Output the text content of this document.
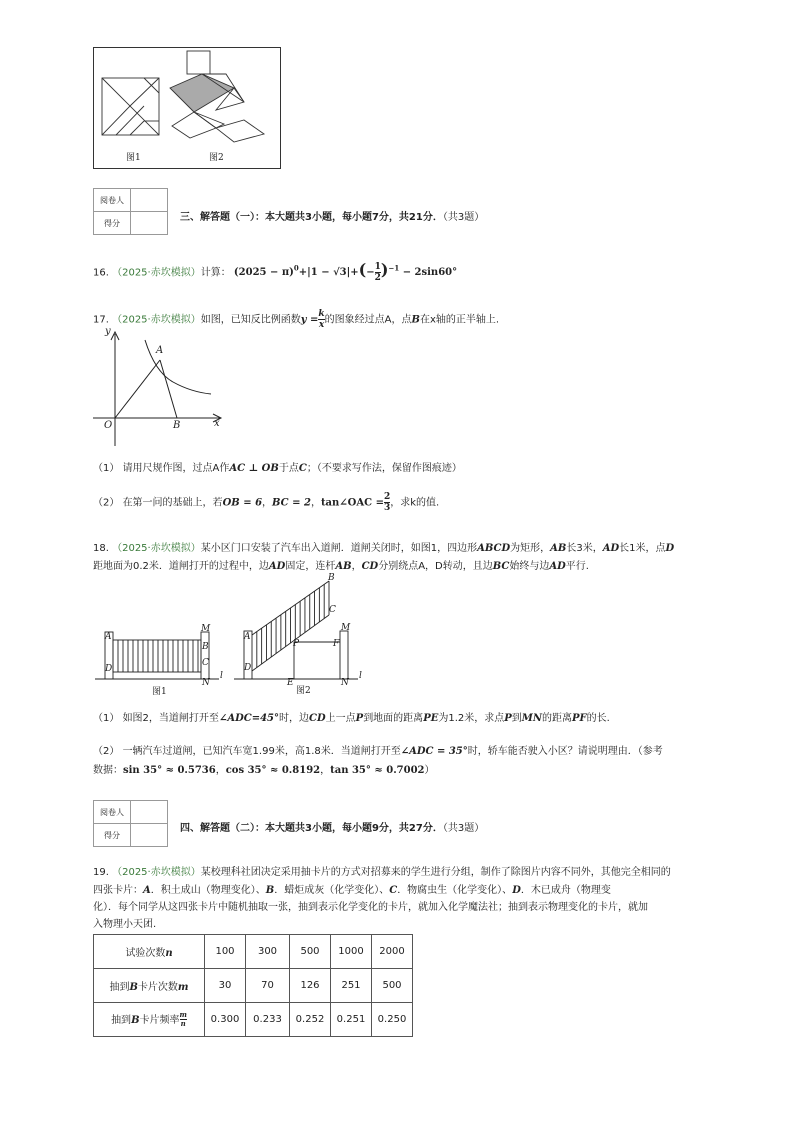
图1	图2
阅卷人	
得分		三、解答题（一）：本大题共3小题，每小题7分，共21分．（共3题）
16. （2025·赤坎模拟）计算： $(2025 - \pi)^0+|1 - √3|+(- \frac{1}{2} )^{-1} - 2\sin 60^\circ$
17. （2025·赤坎模拟）如图，已知反比例函数$y = \frac{k}{x}$ 的图象经过点A，点B在x轴的正半轴上.
y
x
O
A
B
（1） 请用尺规作图，过点A作AC ⊥ OB于点C；（不要求写作法，保留作图痕迹）
（2） 在第一问的基础上，若OB = 6，BC = 2，tan∠OAC = $\frac{2}{3}$ ，求k的值.
18. （2025·赤坎模拟）某小区门口安装了汽车出入道闸．道闸关闭时，如图1，四边形ABCD为矩形，AB长3米，AD长1米，点D
距地面为0.2米．道闸打开的过程中，边AD固定，连杆AB，CD分别绕点A，D转动，且边BC始终与边AD平行.
A
B
M
C
D
N
l
图1
A
B
C
M
P	F
D
E	N
l
图2
（1） 如图2，当道闸打开至∠ADC=45°时，边CD上一点P到地面的距离PE为1.2米，求点P到MN的距离PF的长.
（2） 一辆汽车过道闸，已知汽车宽1.99米，高1.8米．当道闸打开至∠ADC = 35°时，轿车能否驶入小区？请说明理由．（参考
数据：sin 35° ≈ 0.5736，cos 35° ≈ 0.8192，tan 35° ≈ 0.7002）
阅卷人	
得分	
四、解答题（二）：本大题共3小题，每小题9分，共27分．（共3题）
19. （2025·赤坎模拟）某校理科社团决定采用抽卡片的方式对招募来的学生进行分组，制作了除图片内容不同外，其他完全相同的
四张卡片：A．积土成山（物理变化）、B．蜡炬成灰（化学变化）、C．物腐虫生（化学变化）、D．木已成舟（物理变
化）．每个同学从这四张卡片中随机抽取一张，抽到表示化学变化的卡片，就加入化学魔法社；抽到表示物理变化的卡片，就加
入物理小天团.
试验次数n	100	300	500	1000	2000
抽到B卡片次数m	30	70	126	251	500
抽到B卡片频率 $\frac{m}{n}$	0.300	0.233	0.252	0.251	0.250
